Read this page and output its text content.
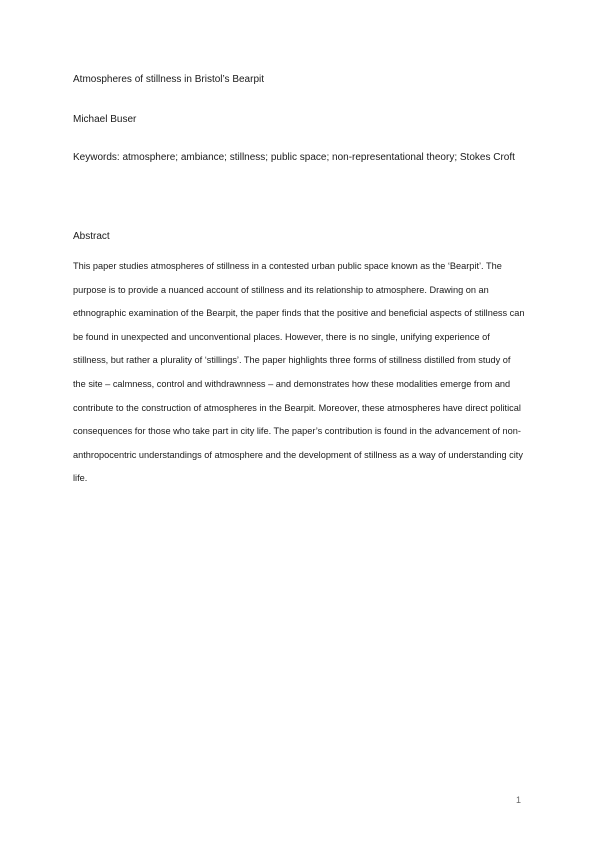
Atmospheres of stillness in Bristol’s Bearpit
Michael Buser
Keywords: atmosphere; ambiance; stillness; public space; non-representational theory; Stokes Croft
Abstract

This paper studies atmospheres of stillness in a contested urban public space known as the ‘Bearpit’. The purpose is to provide a nuanced account of stillness and its relationship to atmosphere. Drawing on an ethnographic examination of the Bearpit, the paper finds that the positive and beneficial aspects of stillness can be found in unexpected and unconventional places. However, there is no single, unifying experience of stillness, but rather a plurality of ‘stillings’. The paper highlights three forms of stillness distilled from study of the site – calmness, control and withdrawnness – and demonstrates how these modalities emerge from and contribute to the construction of atmospheres in the Bearpit. Moreover, these atmospheres have direct political consequences for those who take part in city life. The paper’s contribution is found in the advancement of non-anthropocentric understandings of atmosphere and the development of stillness as a way of understanding city life.

1
